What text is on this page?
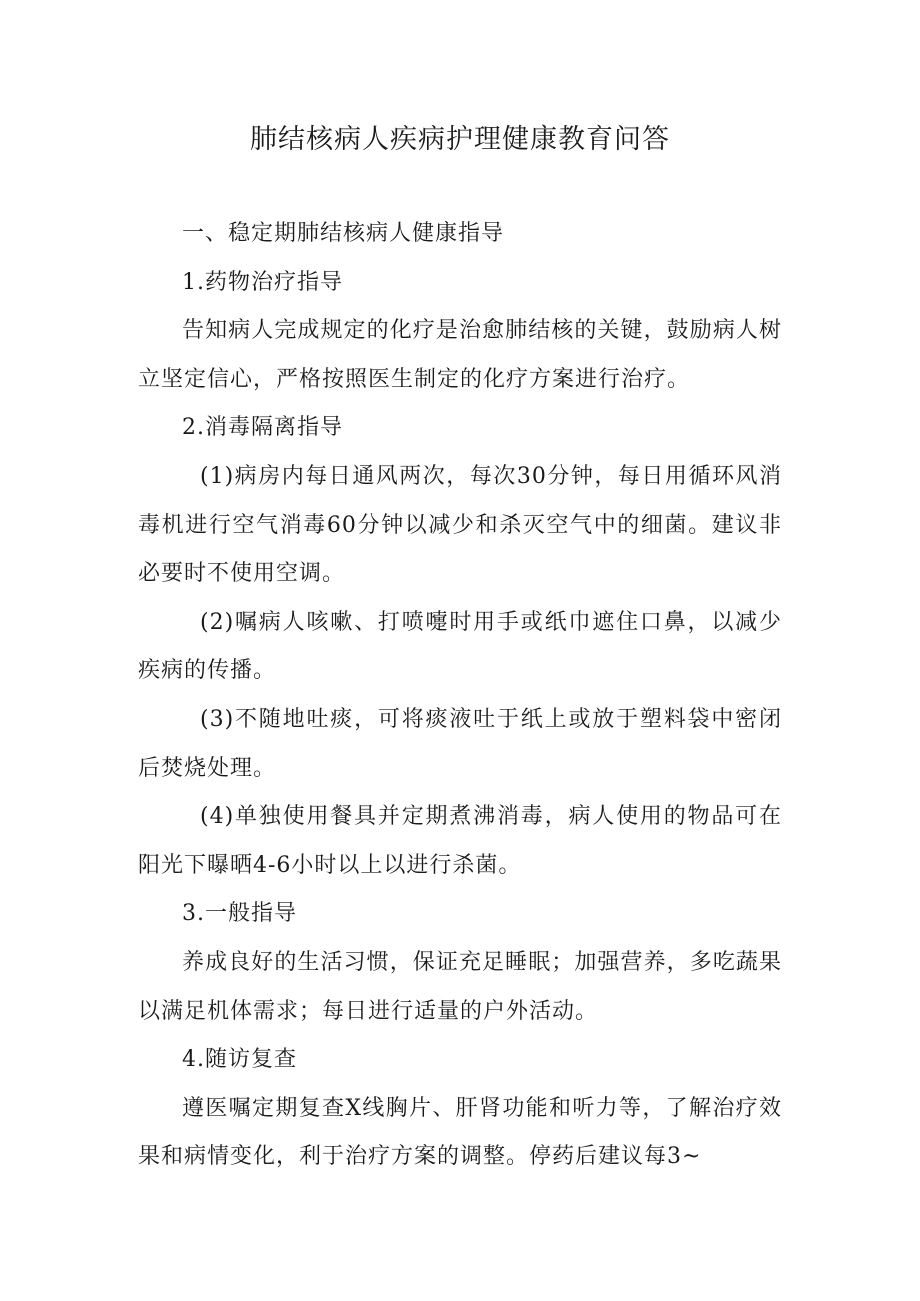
肺结核病人疾病护理健康教育问答

一、稳定期肺结核病人健康指导

1.药物治疗指导

告知病人完成规定的化疗是治愈肺结核的关键，鼓励病人树立坚定信心，严格按照医生制定的化疗方案进行治疗。

2.消毒隔离指导

(1)病房内每日通风两次，每次30分钟，每日用循环风消毒机进行空气消毒60分钟以减少和杀灭空气中的细菌。建议非必要时不使用空调。

(2)嘱病人咳嗽、打喷嚏时用手或纸巾遮住口鼻，以减少疾病的传播。

(3)不随地吐痰，可将痰液吐于纸上或放于塑料袋中密闭后焚烧处理。

(4)单独使用餐具并定期煮沸消毒，病人使用的物品可在阳光下曝晒4-6小时以上以进行杀菌。

3.一般指导

养成良好的生活习惯，保证充足睡眠；加强营养，多吃蔬果以满足机体需求；每日进行适量的户外活动。

4.随访复查

遵医嘱定期复查X线胸片、肝肾功能和听力等，了解治疗效果和病情变化，利于治疗方案的调整。停药后建议每3~
